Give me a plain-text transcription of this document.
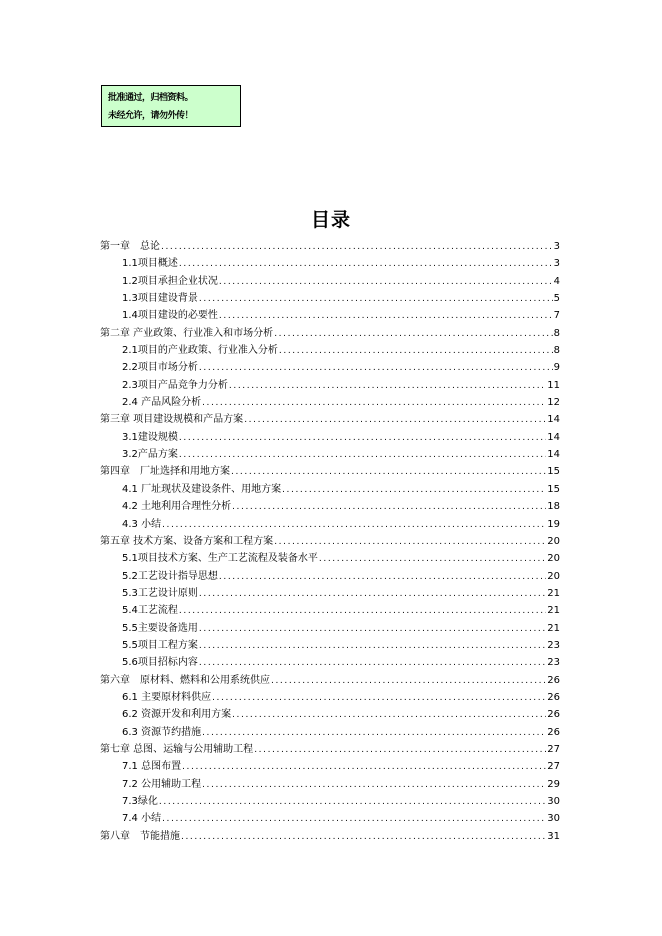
批准通过，归档资料。
未经允许，请勿外传！
目录
第一章　总论 .....	3
1.1项目概述 .....	3
1.2项目承担企业状况 .....	4
1.3项目建设背景 .....	5
1.4项目建设的必要性 .....	7
第二章 产业政策、行业准入和市场分析 .....	8
2.1项目的产业政策、行业准入分析 .....	8
2.2项目市场分析 .....	9
2.3项目产品竞争力分析 .....	11
2.4 产品风险分析 .....	12
第三章 项目建设规模和产品方案 .....	14
3.1建设规模 .....	14
3.2产品方案 .....	14
第四章　厂址选择和用地方案 .....	15
4.1 厂址现状及建设条件、用地方案 .....	15
4.2 土地利用合理性分析 .....	18
4.3 小结 .....	19
第五章 技术方案、设备方案和工程方案 .....	20
5.1项目技术方案、生产工艺流程及装备水平 .....	20
5.2工艺设计指导思想 .....	20
5.3工艺设计原则 .....	21
5.4工艺流程 .....	21
5.5主要设备选用 .....	21
5.5项目工程方案 .....	23
5.6项目招标内容 .....	23
第六章　原材料、燃料和公用系统供应 .....	26
6.1 主要原材料供应 .....	26
6.2 资源开发和利用方案 .....	26
6.3 资源节约措施 .....	26
第七章 总图、运输与公用辅助工程 .....	27
7.1 总图布置 .....	27
7.2 公用辅助工程 .....	29
7.3绿化 .....	30
7.4 小结 .....	30
第八章　节能措施 .....	31
